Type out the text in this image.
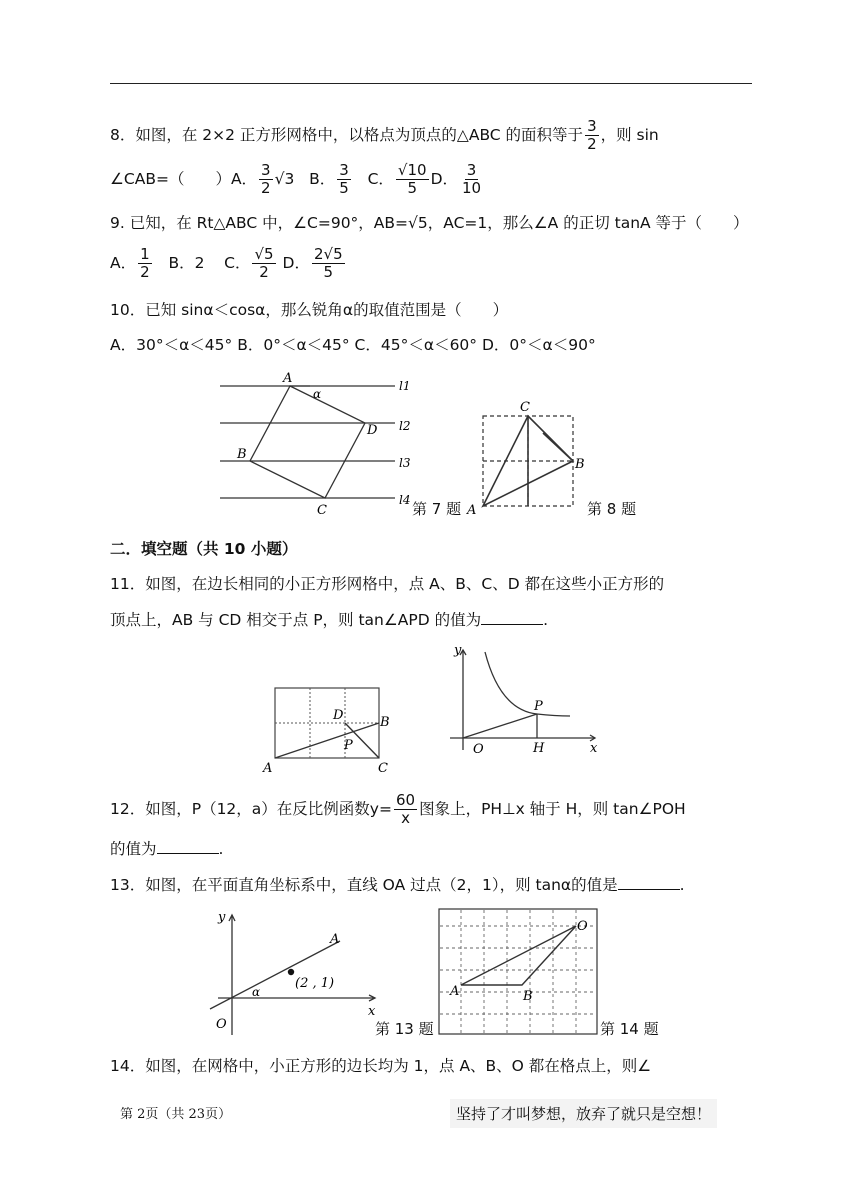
8．如图，在 2×2 正方形网格中，以格点为顶点的△ABC 的面积等于 $\frac{3}{2}$ ，则 sin
∠CAB=（　　）A． $\frac{3}{2} √3$ B． $\frac{3}{5}$ C． $\frac{√10}{5}$ D． $\frac{3}{10}$
9. 已知，在 Rt△ABC 中，∠C=90°，AB=√5，AC=1，那么∠A 的正切 tanA 等于（　　）
A． $\frac{1}{2}$ B．2 C． $\frac{√5}{2}$ D． $\frac{2√5}{5}$
10．已知 sinα＜cosα，那么锐角α的取值范围是（　　）
A．30°＜α＜45° B．0°＜α＜45° C．45°＜α＜60° D．0°＜α＜90°
A
α
D
B
C
l1
l2
l3
l4 第 7 题
C
B
A	第 8 题
二．填空题（共 10 小题）
11．如图，在边长相同的小正方形网格中，点 A、B、C、D 都在这些小正方形的
顶点上，AB 与 CD 相交于点 P，则 tan∠APD 的值为	.
A
B
C
D
P
y
x
O	H
P
12．如图，P（12，a）在反比例函数$y= \frac{60}{x}$ 图象上，PH⊥x 轴于 H，则 tan∠POH
的值为	.
13．如图，在平面直角坐标系中，直线 OA 过点（2，1），则 tanα的值是	.
y
x
O
A
α
(2 , 1)
第 13 题
O
A	B
第 14 题
14．如图，在网格中，小正方形的边长均为 1，点 A、B、O 都在格点上，则∠
第 2页（共 23页）	坚持了才叫梦想，放弃了就只是空想！
